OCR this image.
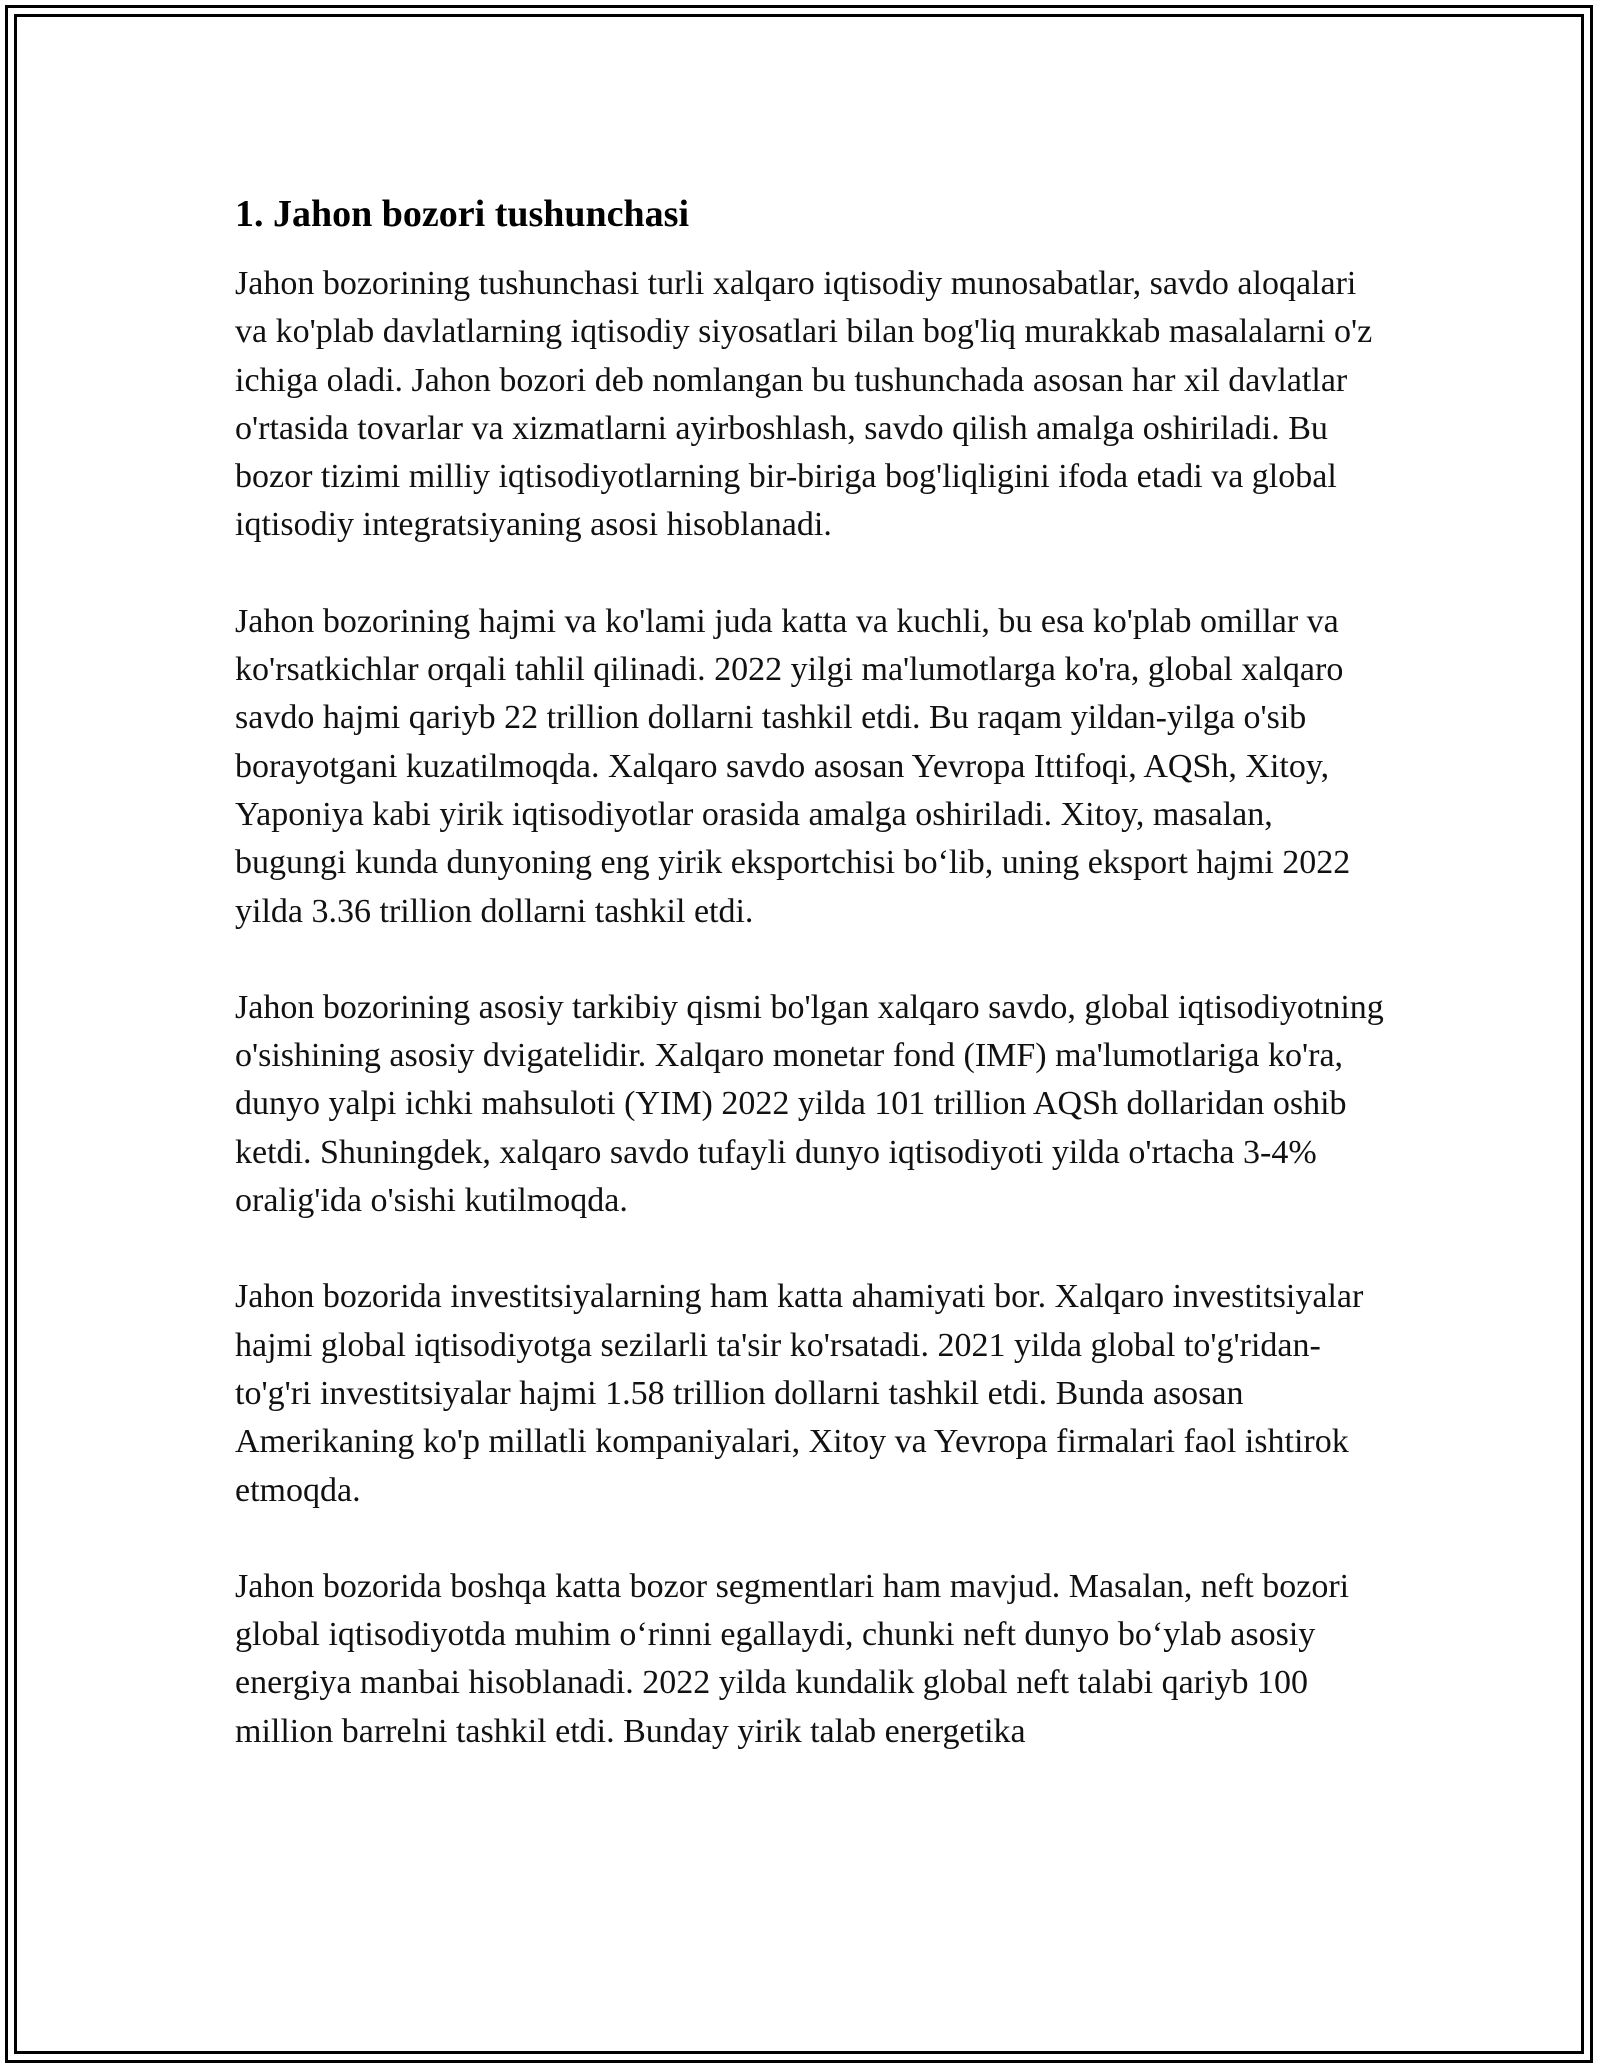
1. Jahon bozori tushunchasi

Jahon bozorining tushunchasi turli xalqaro iqtisodiy munosabatlar, savdo aloqalari va ko'plab davlatlarning iqtisodiy siyosatlari bilan bog'liq murakkab masalalarni o'z ichiga oladi. Jahon bozori deb nomlangan bu tushunchada asosan har xil davlatlar o'rtasida tovarlar va xizmatlarni ayirboshlash, savdo qilish amalga oshiriladi. Bu bozor tizimi milliy iqtisodiyotlarning bir-biriga bog'liqligini ifoda etadi va global iqtisodiy integratsiyaning asosi hisoblanadi.

Jahon bozorining hajmi va ko'lami juda katta va kuchli, bu esa ko'plab omillar va ko'rsatkichlar orqali tahlil qilinadi. 2022 yilgi ma'lumotlarga ko'ra, global xalqaro savdo hajmi qariyb 22 trillion dollarni tashkil etdi. Bu raqam yildan-yilga o'sib borayotgani kuzatilmoqda. Xalqaro savdo asosan Yevropa Ittifoqi, AQSh, Xitoy, Yaponiya kabi yirik iqtisodiyotlar orasida amalga oshiriladi. Xitoy, masalan, bugungi kunda dunyoning eng yirik eksportchisi bo‘lib, uning eksport hajmi 2022 yilda 3.36 trillion dollarni tashkil etdi.

Jahon bozorining asosiy tarkibiy qismi bo'lgan xalqaro savdo, global iqtisodiyotning o'sishining asosiy dvigatelidir. Xalqaro monetar fond (IMF) ma'lumotlariga ko'ra, dunyo yalpi ichki mahsuloti (YIM) 2022 yilda 101 trillion AQSh dollaridan oshib ketdi. Shuningdek, xalqaro savdo tufayli dunyo iqtisodiyoti yilda o'rtacha 3-4% oralig'ida o'sishi kutilmoqda.

Jahon bozorida investitsiyalarning ham katta ahamiyati bor. Xalqaro investitsiyalar hajmi global iqtisodiyotga sezilarli ta'sir ko'rsatadi. 2021 yilda global to'g'ridan-to'g'ri investitsiyalar hajmi 1.58 trillion dollarni tashkil etdi. Bunda asosan Amerikaning ko'p millatli kompaniyalari, Xitoy va Yevropa firmalari faol ishtirok etmoqda.

Jahon bozorida boshqa katta bozor segmentlari ham mavjud. Masalan, neft bozori global iqtisodiyotda muhim o‘rinni egallaydi, chunki neft dunyo bo‘ylab asosiy energiya manbai hisoblanadi. 2022 yilda kundalik global neft talabi qariyb 100 million barrelni tashkil etdi. Bunday yirik talab energetika
